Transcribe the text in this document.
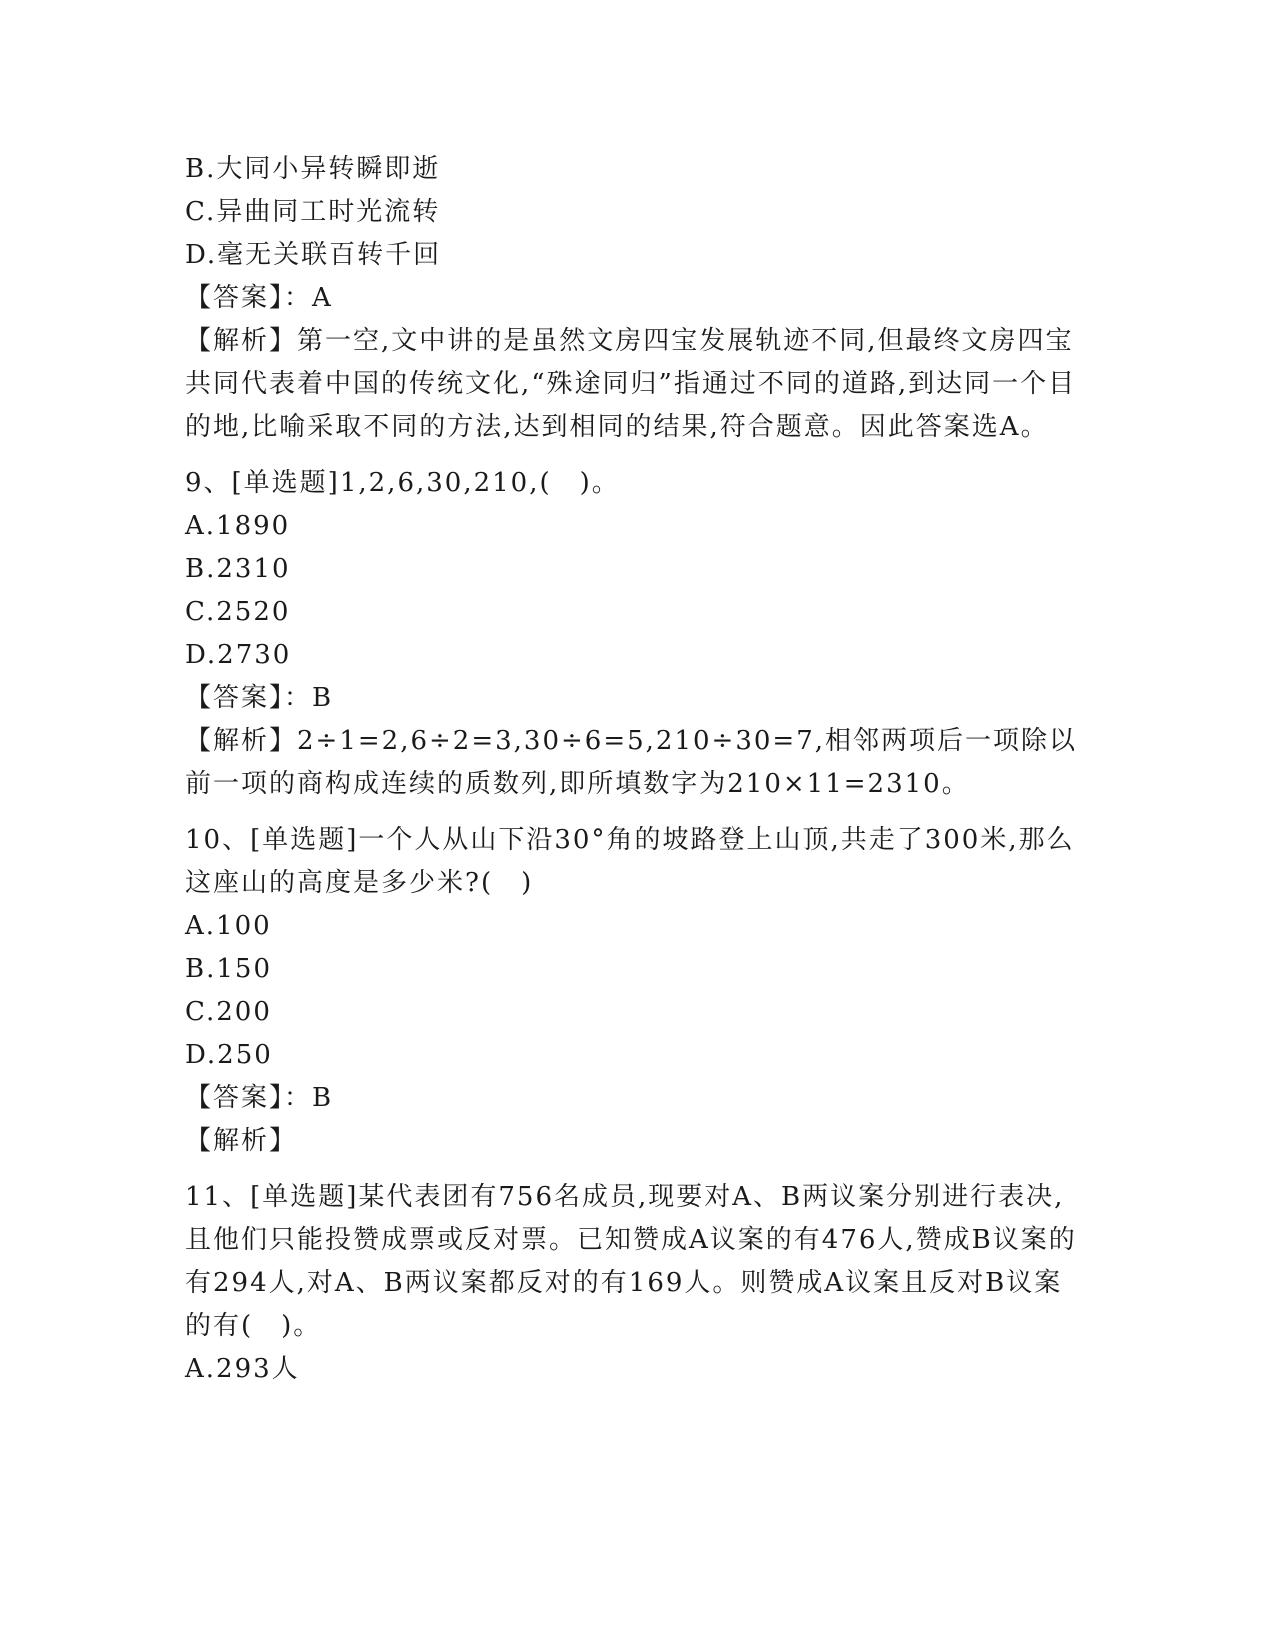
B.大同小异转瞬即逝
C.异曲同工时光流转
D.毫无关联百转千回
【答案】：A
【解析】第一空,文中讲的是虽然文房四宝发展轨迹不同,但最终文房四宝共同代表着中国的传统文化,“殊途同归”指通过不同的道路,到达同一个目的地,比喻采取不同的方法,达到相同的结果,符合题意。因此答案选A。
9、[单选题]1,2,6,30,210,(　)。
A.1890
B.2310
C.2520
D.2730
【答案】：B
【解析】2÷1=2,6÷2=3,30÷6=5,210÷30=7,相邻两项后一项除以前一项的商构成连续的质数列,即所填数字为210×11=2310。
10、[单选题]一个人从山下沿30°角的坡路登上山顶,共走了300米,那么这座山的高度是多少米?(　)
A.100
B.150
C.200
D.250
【答案】：B
【解析】
11、[单选题]某代表团有756名成员,现要对A、B两议案分别进行表决,且他们只能投赞成票或反对票。已知赞成A议案的有476人,赞成B议案的有294人,对A、B两议案都反对的有169人。则赞成A议案且反对B议案的有(　)。
A.293人
